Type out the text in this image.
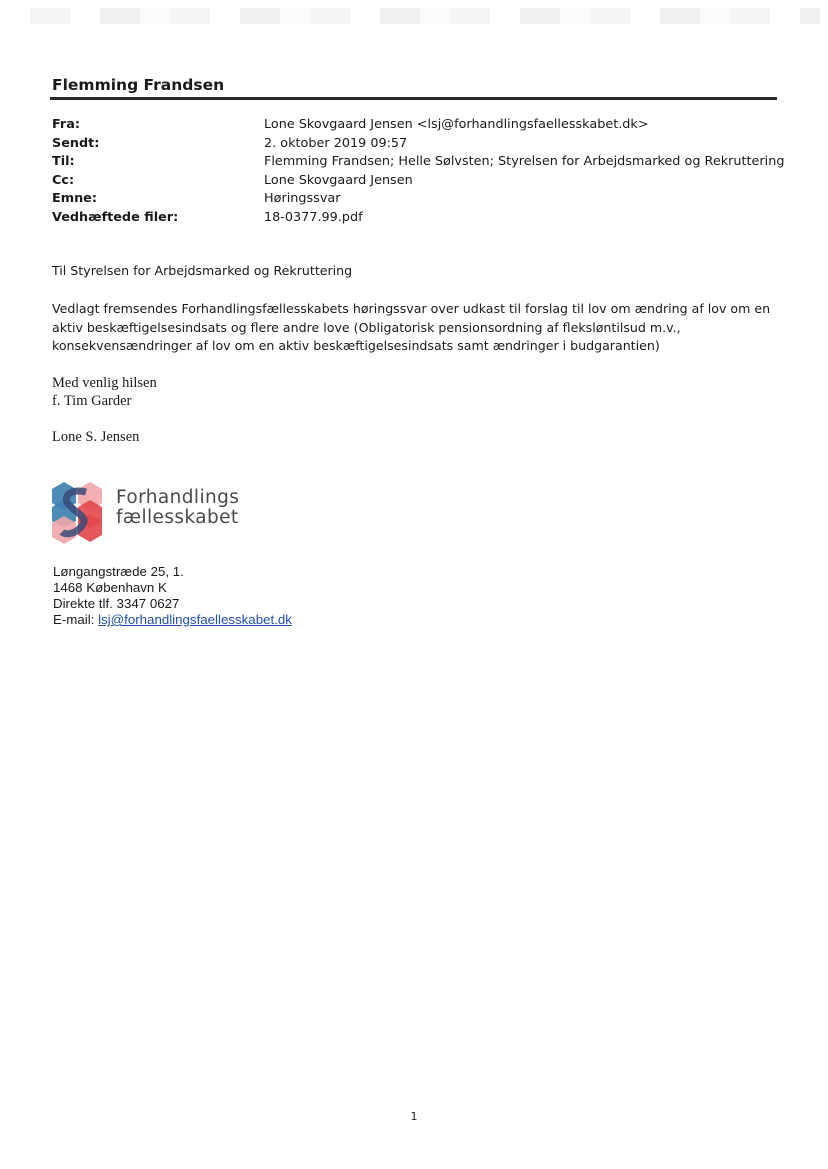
Flemming Frandsen
Fra:	Lone Skovgaard Jensen <lsj@forhandlingsfaellesskabet.dk>
Sendt:	2. oktober 2019 09:57
Til:	Flemming Frandsen; Helle Sølvsten; Styrelsen for Arbejdsmarked og Rekruttering
Cc:	Lone Skovgaard Jensen
Emne:	Høringssvar
Vedhæftede filer:	18-0377.99.pdf
Til Styrelsen for Arbejdsmarked og Rekruttering
Vedlagt fremsendes Forhandlingsfællesskabets høringssvar over udkast til forslag til lov om ændring af lov om en
aktiv beskæftigelsesindsats og flere andre love (Obligatorisk pensionsordning af fleksløntilsud m.v.,
konsekvensændringer af lov om en aktiv beskæftigelsesindsats samt ændringer i budgarantien)
Med venlig hilsen
f. Tim Garder
Lone S. Jensen
Forhandlings
fællesskabet
Løngangstræde 25, 1.
1468 København K
Direkte tlf. 3347 0627
E-mail: lsj@forhandlingsfaellesskabet.dk
1
